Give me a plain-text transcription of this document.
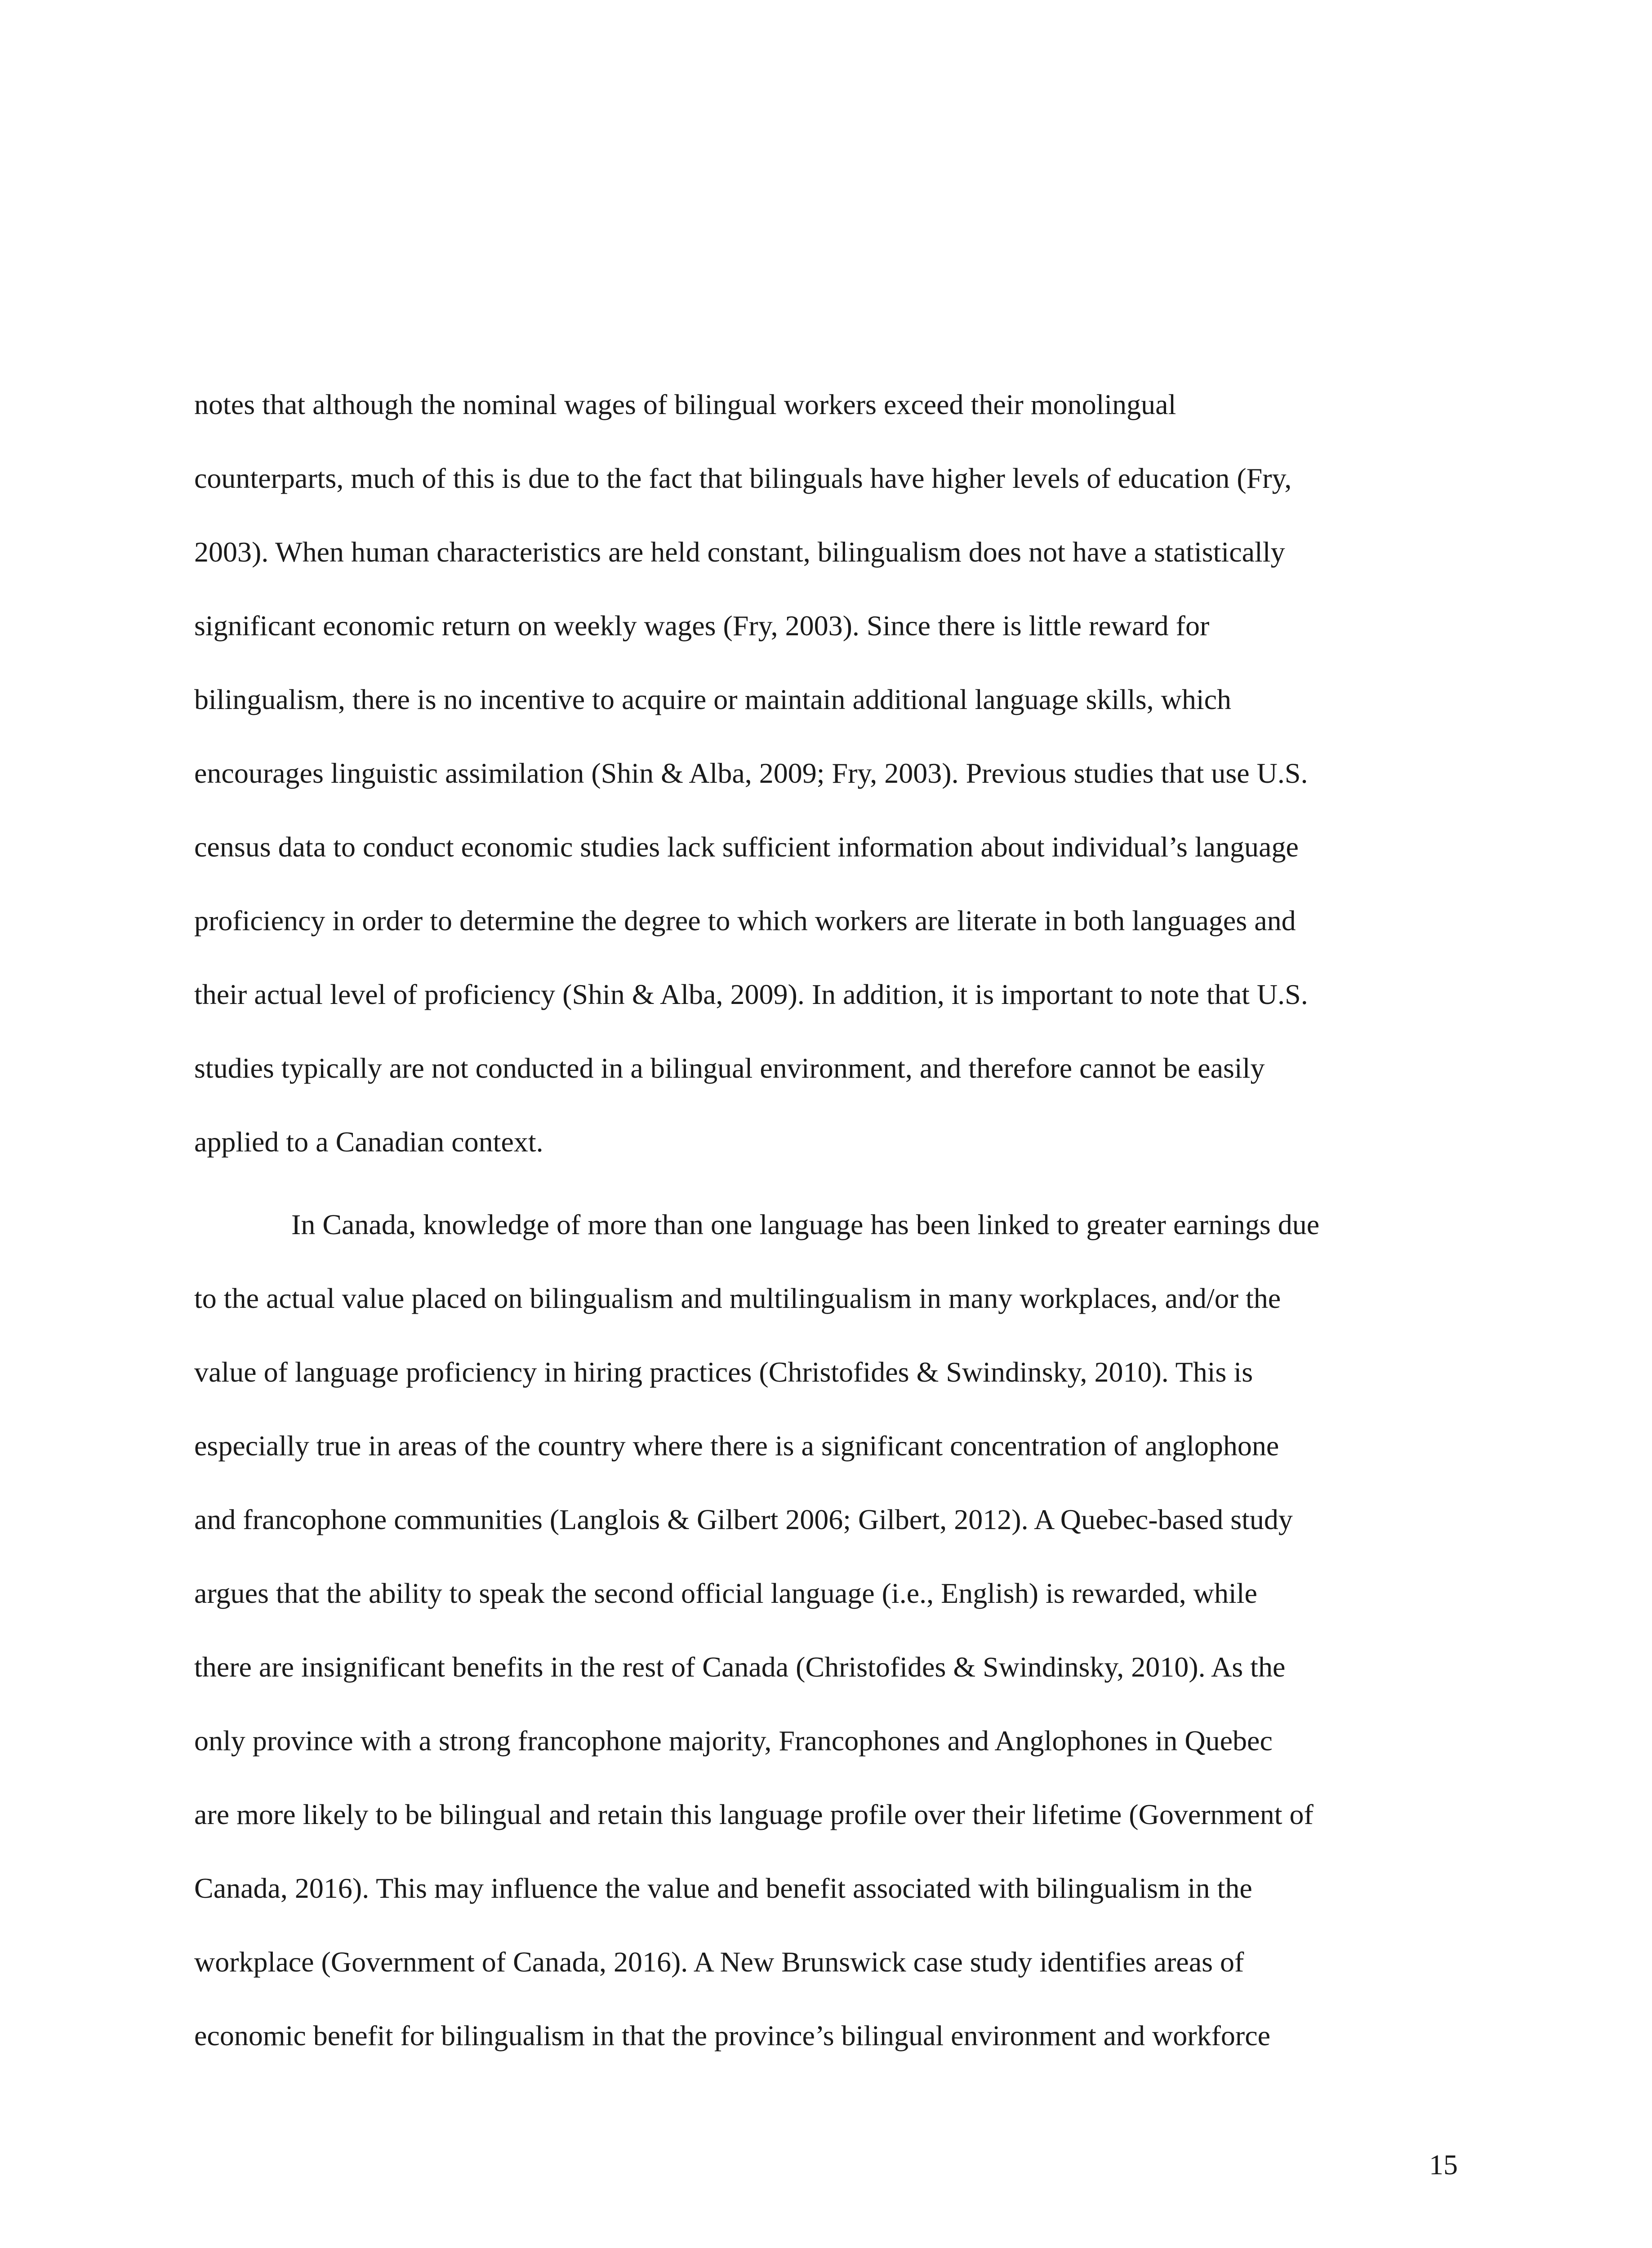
notes that although the nominal wages of bilingual workers exceed their monolingual
counterparts, much of this is due to the fact that bilinguals have higher levels of education (Fry,
2003). When human characteristics are held constant, bilingualism does not have a statistically
significant economic return on weekly wages (Fry, 2003). Since there is little reward for
bilingualism, there is no incentive to acquire or maintain additional language skills, which
encourages linguistic assimilation (Shin & Alba, 2009; Fry, 2003). Previous studies that use U.S.
census data to conduct economic studies lack sufficient information about individual’s language
proficiency in order to determine the degree to which workers are literate in both languages and
their actual level of proficiency (Shin & Alba, 2009). In addition, it is important to note that U.S.
studies typically are not conducted in a bilingual environment, and therefore cannot be easily
applied to a Canadian context.
In Canada, knowledge of more than one language has been linked to greater earnings due
to the actual value placed on bilingualism and multilingualism in many workplaces, and/or the
value of language proficiency in hiring practices (Christofides & Swindinsky, 2010). This is
especially true in areas of the country where there is a significant concentration of anglophone
and francophone communities (Langlois & Gilbert 2006; Gilbert, 2012). A Quebec-based study
argues that the ability to speak the second official language (i.e., English) is rewarded, while
there are insignificant benefits in the rest of Canada (Christofides & Swindinsky, 2010). As the
only province with a strong francophone majority, Francophones and Anglophones in Quebec
are more likely to be bilingual and retain this language profile over their lifetime (Government of
Canada, 2016). This may influence the value and benefit associated with bilingualism in the
workplace (Government of Canada, 2016). A New Brunswick case study identifies areas of
economic benefit for bilingualism in that the province’s bilingual environment and workforce
15
